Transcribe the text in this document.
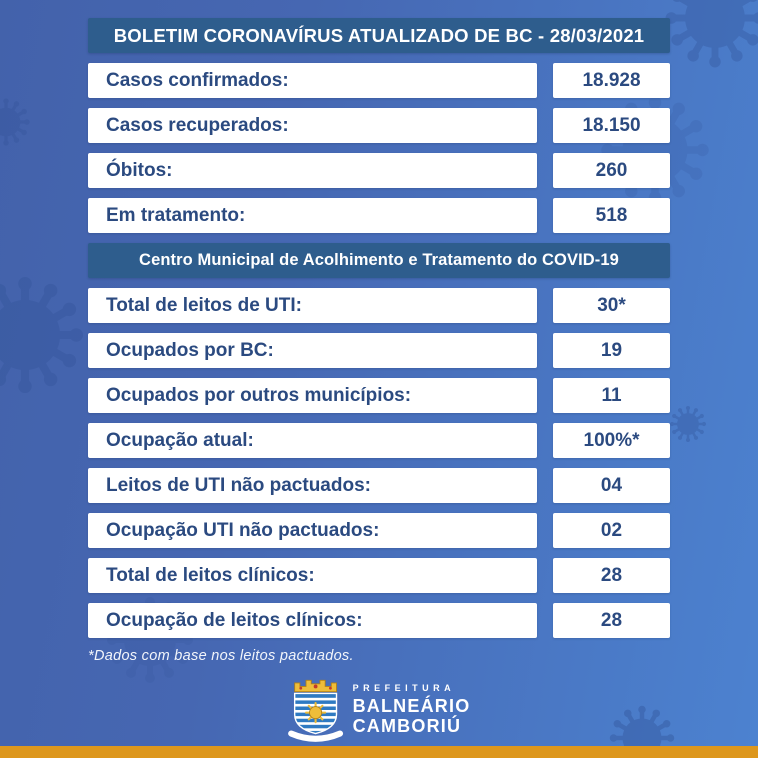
BOLETIM CORONAVÍRUS ATUALIZADO DE BC - 28/03/2021
Casos confirmados:	18.928
Casos recuperados:	18.150
Óbitos:	260
Em tratamento:	518
Centro Municipal de Acolhimento e Tratamento do COVID-19
Total de leitos de UTI:	30*
Ocupados por BC:	19
Ocupados por outros municípios:	11
Ocupação atual:	100%*
Leitos de UTI não pactuados:	04
Ocupação UTI não pactuados:	02
Total de leitos clínicos:	28
Ocupação de leitos clínicos:	28
*Dados com base nos leitos pactuados.
PREFEITURA
BALNEÁRIO
CAMBORIÚ
